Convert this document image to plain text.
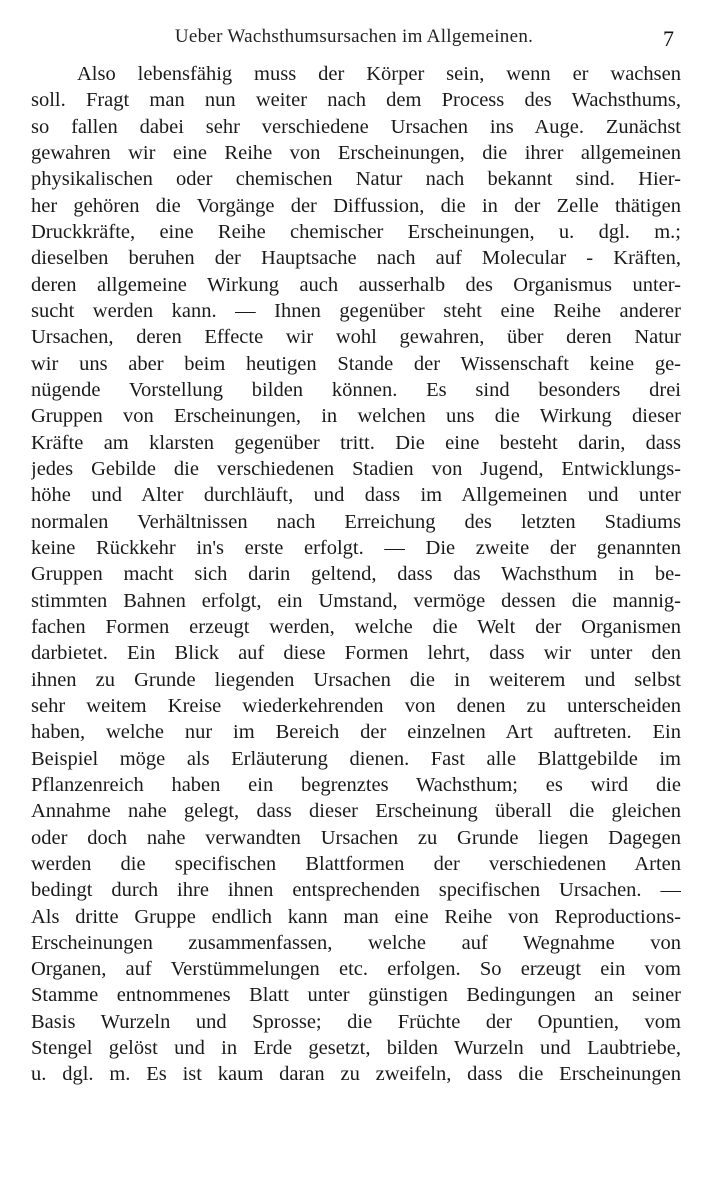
Ueber Wachsthumsursachen im Allgemeinen.	7
Also lebensfähig muss der Körper sein, wenn er wachsen
soll. Fragt man nun weiter nach dem Process des Wachsthums,
so fallen dabei sehr verschiedene Ursachen ins Auge. Zunächst
gewahren wir eine Reihe von Erscheinungen, die ihrer allgemeinen
physikalischen oder chemischen Natur nach bekannt sind. Hier-
her gehören die Vorgänge der Diffussion, die in der Zelle thätigen
Druckkräfte, eine Reihe chemischer Erscheinungen, u. dgl. m.;
dieselben beruhen der Hauptsache nach auf Molecular - Kräften,
deren allgemeine Wirkung auch ausserhalb des Organismus unter-
sucht werden kann. — Ihnen gegenüber steht eine Reihe anderer
Ursachen, deren Effecte wir wohl gewahren, über deren Natur
wir uns aber beim heutigen Stande der Wissenschaft keine ge-
nügende Vorstellung bilden können. Es sind besonders drei
Gruppen von Erscheinungen, in welchen uns die Wirkung dieser
Kräfte am klarsten gegenüber tritt. Die eine besteht darin, dass
jedes Gebilde die verschiedenen Stadien von Jugend, Entwicklungs-
höhe und Alter durchläuft, und dass im Allgemeinen und unter
normalen Verhältnissen nach Erreichung des letzten Stadiums
keine Rückkehr in's erste erfolgt. — Die zweite der genannten
Gruppen macht sich darin geltend, dass das Wachsthum in be-
stimmten Bahnen erfolgt, ein Umstand, vermöge dessen die mannig-
fachen Formen erzeugt werden, welche die Welt der Organismen
darbietet. Ein Blick auf diese Formen lehrt, dass wir unter den
ihnen zu Grunde liegenden Ursachen die in weiterem und selbst
sehr weitem Kreise wiederkehrenden von denen zu unterscheiden
haben, welche nur im Bereich der einzelnen Art auftreten. Ein
Beispiel möge als Erläuterung dienen. Fast alle Blattgebilde im
Pflanzenreich haben ein begrenztes Wachsthum; es wird die
Annahme nahe gelegt, dass dieser Erscheinung überall die gleichen
oder doch nahe verwandten Ursachen zu Grunde liegen Dagegen
werden die specifischen Blattformen der verschiedenen Arten
bedingt durch ihre ihnen entsprechenden specifischen Ursachen. —
Als dritte Gruppe endlich kann man eine Reihe von Reproductions-
Erscheinungen zusammenfassen, welche auf Wegnahme von
Organen, auf Verstümmelungen etc. erfolgen. So erzeugt ein vom
Stamme entnommenes Blatt unter günstigen Bedingungen an seiner
Basis Wurzeln und Sprosse; die Früchte der Opuntien, vom
Stengel gelöst und in Erde gesetzt, bilden Wurzeln und Laubtriebe,
u. dgl. m. Es ist kaum daran zu zweifeln, dass die Erscheinungen
